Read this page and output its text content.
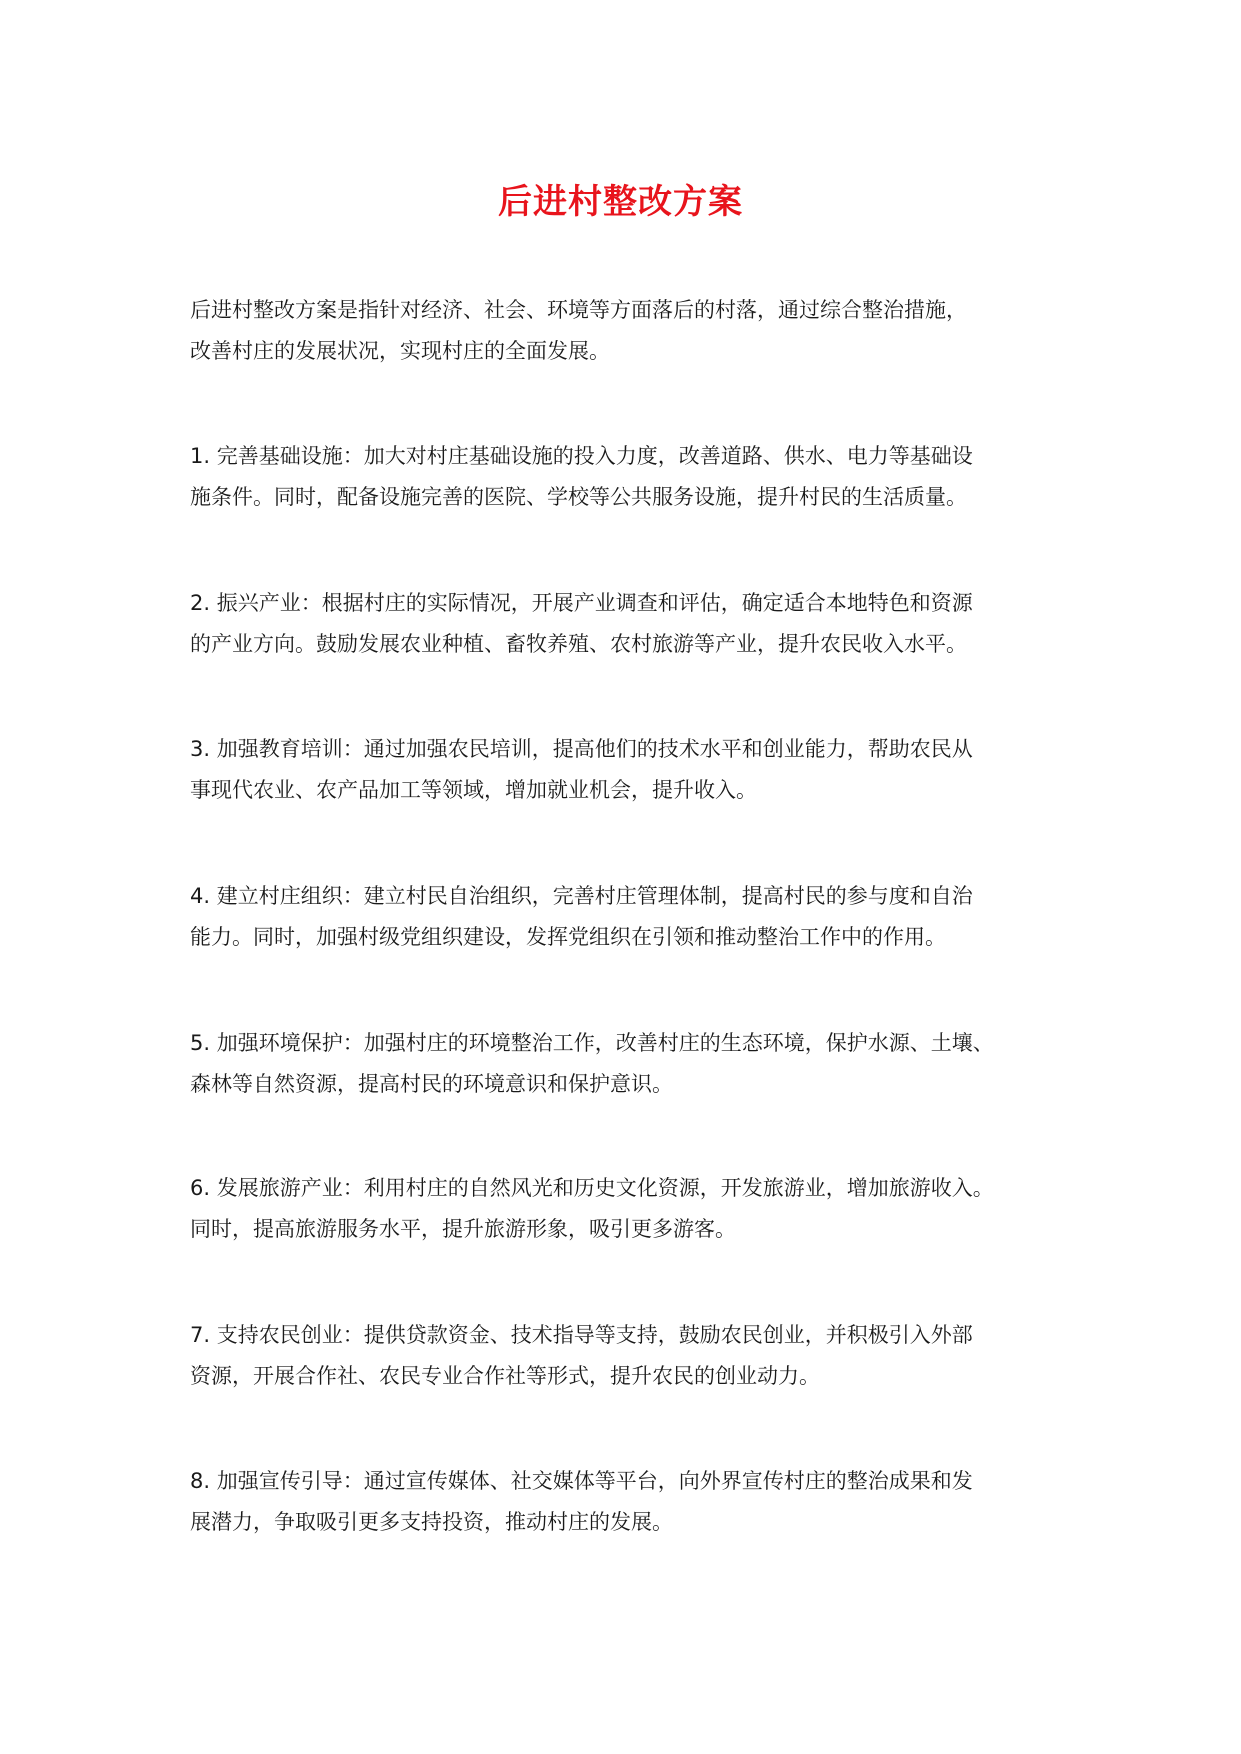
后进村整改方案
后进村整改方案是指针对经济、社会、环境等方面落后的村落，通过综合整治措施，
改善村庄的发展状况，实现村庄的全面发展。
1. 完善基础设施：加大对村庄基础设施的投入力度，改善道路、供水、电力等基础设
施条件。同时，配备设施完善的医院、学校等公共服务设施，提升村民的生活质量。
2. 振兴产业：根据村庄的实际情况，开展产业调查和评估，确定适合本地特色和资源
的产业方向。鼓励发展农业种植、畜牧养殖、农村旅游等产业，提升农民收入水平。
3. 加强教育培训：通过加强农民培训，提高他们的技术水平和创业能力，帮助农民从
事现代农业、农产品加工等领域，增加就业机会，提升收入。
4. 建立村庄组织：建立村民自治组织，完善村庄管理体制，提高村民的参与度和自治
能力。同时，加强村级党组织建设，发挥党组织在引领和推动整治工作中的作用。
5. 加强环境保护：加强村庄的环境整治工作，改善村庄的生态环境，保护水源、土壤、
森林等自然资源，提高村民的环境意识和保护意识。
6. 发展旅游产业：利用村庄的自然风光和历史文化资源，开发旅游业，增加旅游收入。
同时，提高旅游服务水平，提升旅游形象，吸引更多游客。
7. 支持农民创业：提供贷款资金、技术指导等支持，鼓励农民创业，并积极引入外部
资源，开展合作社、农民专业合作社等形式，提升农民的创业动力。
8. 加强宣传引导：通过宣传媒体、社交媒体等平台，向外界宣传村庄的整治成果和发
展潜力，争取吸引更多支持投资，推动村庄的发展。
